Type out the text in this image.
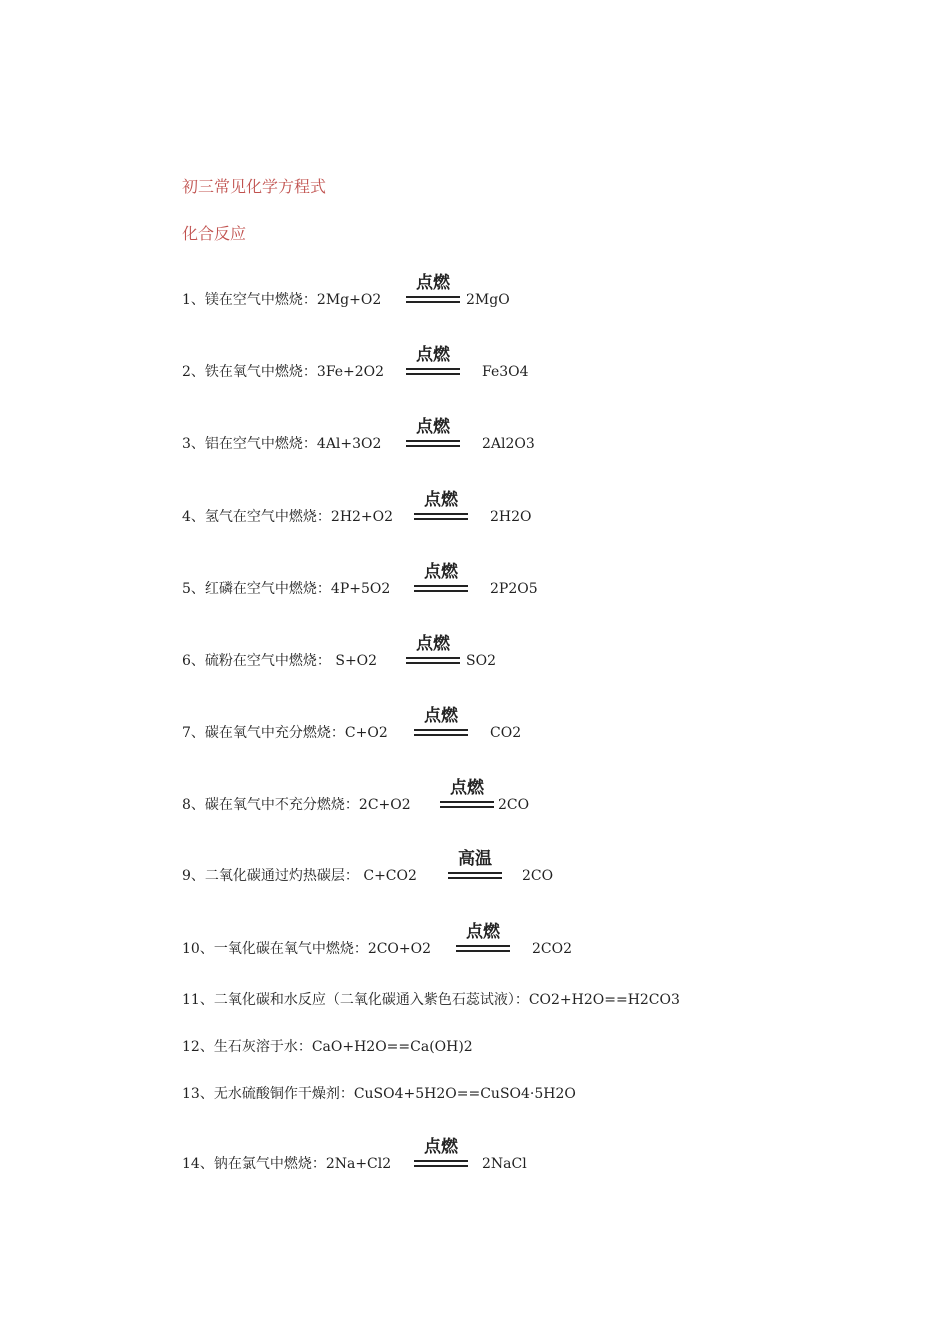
初三常见化学方程式
化合反应
1、镁在空气中燃烧：2Mg+O2
点燃
2MgO
2、铁在氧气中燃烧：3Fe+2O2
点燃
Fe3O4
3、铝在空气中燃烧：4Al+3O2
点燃
2Al2O3
4、氢气在空气中燃烧：2H2+O2
点燃
2H2O
5、红磷在空气中燃烧：4P+5O2
点燃
2P2O5
6、硫粉在空气中燃烧： S+O2
点燃
SO2
7、碳在氧气中充分燃烧：C+O2
点燃
CO2
8、碳在氧气中不充分燃烧：2C+O2
点燃
2CO
9、二氧化碳通过灼热碳层： C+CO2
高温
2CO
10、一氧化碳在氧气中燃烧：2CO+O2
点燃
2CO2
11、二氧化碳和水反应（二氧化碳通入紫色石蕊试液）：CO2+H2O==H2CO3
12、生石灰溶于水：CaO+H2O==Ca(OH)2
13、无水硫酸铜作干燥剂：CuSO4+5H2O==CuSO4·5H2O
14、钠在氯气中燃烧：2Na+Cl2
点燃
2NaCl
